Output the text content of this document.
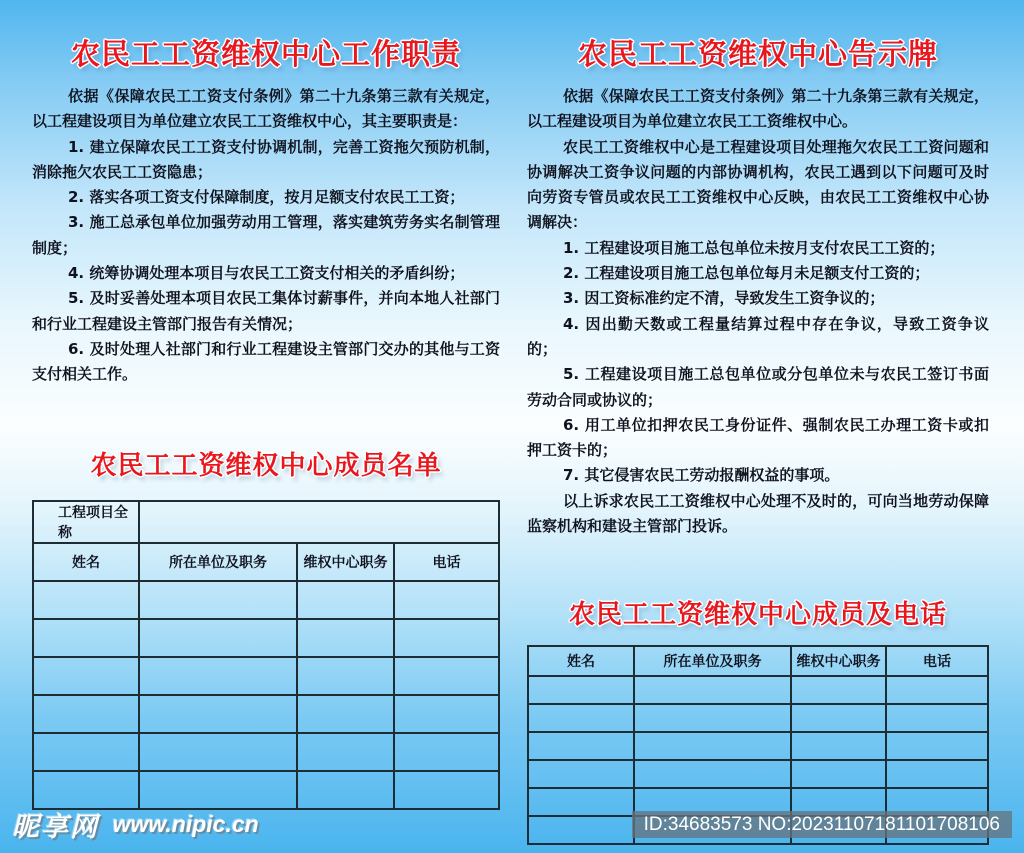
农民工工资维权中心工作职责

依据《保障农民工工资支付条例》第二十九条第三款有关规定，以工程建设项目为单位建立农民工工资维权中心，其主要职责是：

1. 建立保障农民工工资支付协调机制，完善工资拖欠预防机制，消除拖欠农民工工资隐患；

2. 落实各项工资支付保障制度，按月足额支付农民工工资；

3. 施工总承包单位加强劳动用工管理，落实建筑劳务实名制管理制度；

4. 统筹协调处理本项目与农民工工资支付相关的矛盾纠纷；

5. 及时妥善处理本项目农民工集体讨薪事件，并向本地人社部门和行业工程建设主管部门报告有关情况；

6. 及时处理人社部门和行业工程建设主管部门交办的其他与工资支付相关工作。

农民工工资维权中心成员名单
工程项目全称			
姓名	所在单位及职务	维权中心职务	电话

农民工工资维权中心告示牌

依据《保障农民工工资支付条例》第二十九条第三款有关规定，以工程建设项目为单位建立农民工工资维权中心。

农民工工资维权中心是工程建设项目处理拖欠农民工工资问题和协调解决工资争议问题的内部协调机构，农民工遇到以下问题可及时向劳资专管员或农民工工资维权中心反映，由农民工工资维权中心协调解决：

1. 工程建设项目施工总包单位未按月支付农民工工资的；

2. 工程建设项目施工总包单位每月未足额支付工资的；

3. 因工资标准约定不清，导致发生工资争议的；

4. 因出勤天数或工程量结算过程中存在争议，导致工资争议的；

5. 工程建设项目施工总包单位或分包单位未与农民工签订书面劳动合同或协议的；

6. 用工单位扣押农民工身份证件、强制农民工办理工资卡或扣押工资卡的；

7. 其它侵害农民工劳动报酬权益的事项。

以上诉求农民工工资维权中心处理不及时的，可向当地劳动保障监察机构和建设主管部门投诉。

农民工工资维权中心成员及电话
姓名	所在单位及职务	维权中心职务	电话

昵享网 www.nipic.cn	ID:34683573 NO:20231107181101708106
